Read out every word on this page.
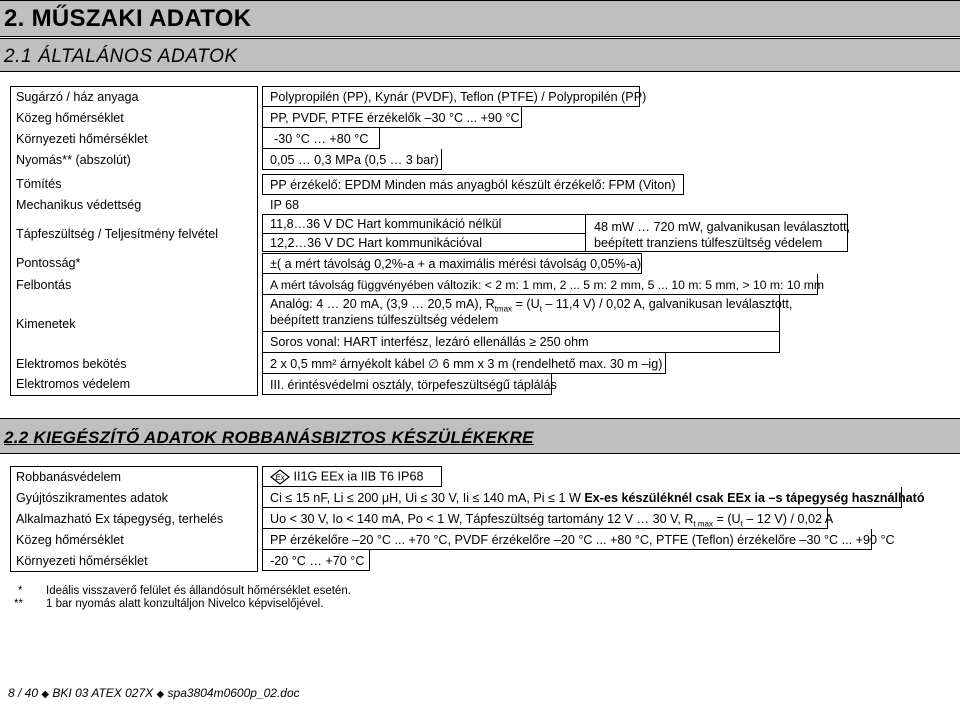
2. MŰSZAKI ADATOK
2.1 ÁLTALÁNOS ADATOK
Sugárzó / ház anyaga
Közeg hőmérséklet
Környezeti hőmérséklet
Nyomás** (abszolút)
Tömítés
Mechanikus védettség
Tápfeszültség / Teljesítmény felvétel
Pontosság*
Felbontás
Kimenetek
Elektromos bekötés
Elektromos védelem
Polypropilén (PP), Kynár (PVDF), Teflon (PTFE) / Polypropilén (PP)
PP, PVDF, PTFE érzékelők –30 °C ... +90 °C
-30 °C … +80 °C
0,05 … 0,3 MPa (0,5 … 3 bar)
PP érzékelő: EPDM Minden más anyagból készült érzékelő: FPM (Viton)
IP 68
11,8…36 V DC Hart kommunikáció nélkül
12,2…36 V DC Hart kommunikációval
48 mW … 720 mW, galvanikusan leválasztott,
beépített tranziens túlfeszültség védelem
±( a mért távolság 0,2%-a + a maximális mérési távolság 0,05%-a)
A mért távolság függvényében változik: < 2 m: 1 mm, 2 ... 5 m: 2 mm, 5 ... 10 m: 5 mm, > 10 m: 10 mm
Analóg: 4 … 20 mA, (3,9 … 20,5 mA), $R_{tmax} = (U_t - 11,4$ V) / 0,02 A, galvanikusan leválasztott,
beépített tranziens túlfeszültség védelem
Soros vonal: HART interfész, lezáró ellenállás ≥ 250 ohm
2 x 0,5 mm² árnyékolt kábel ∅ 6 mm x 3 m (rendelhető max. 30 m –ig)
III. érintésvédelmi osztály, törpefeszültségű táplálás
2.2 KIEGÉSZÍTŐ ADATOK ROBBANÁSBIZTOS KÉSZÜLÉKEKRE
Robbanásvédelem
Gyújtószikramentes adatok
Alkalmazható Ex tápegység, terhelés
Közeg hőmérséklet
Környezeti hőmérséklet
Ex II1G EEx ia IIB T6 IP68
Ci ≤ 15 nF, Li ≤ 200 μH, Ui ≤ 30 V, Ii ≤ 140 mA, Pi ≤ 1 W Ex-es készüléknél csak EEx ia –s tápegység használható
Uo < 30 V, Io < 140 mA, Po < 1 W, Tápfeszültség tartomány 12 V … 30 V, $R_{t max} = (U_t - 12$ V) / 0,02 A
PP érzékelőre –20 °C ... +70 °C, PVDF érzékelőre –20 °C ... +80 °C, PTFE (Teflon) érzékelőre –30 °C ... +90 °C
-20 °C … +70 °C
* Ideális visszaverő felület és állandósult hőmérséklet esetén.
** 1 bar nyomás alatt konzultáljon Nivelco képviselőjével.
8 / 40 ◆ BKI 03 ATEX 027X ◆ spa3804m0600p_02.doc
